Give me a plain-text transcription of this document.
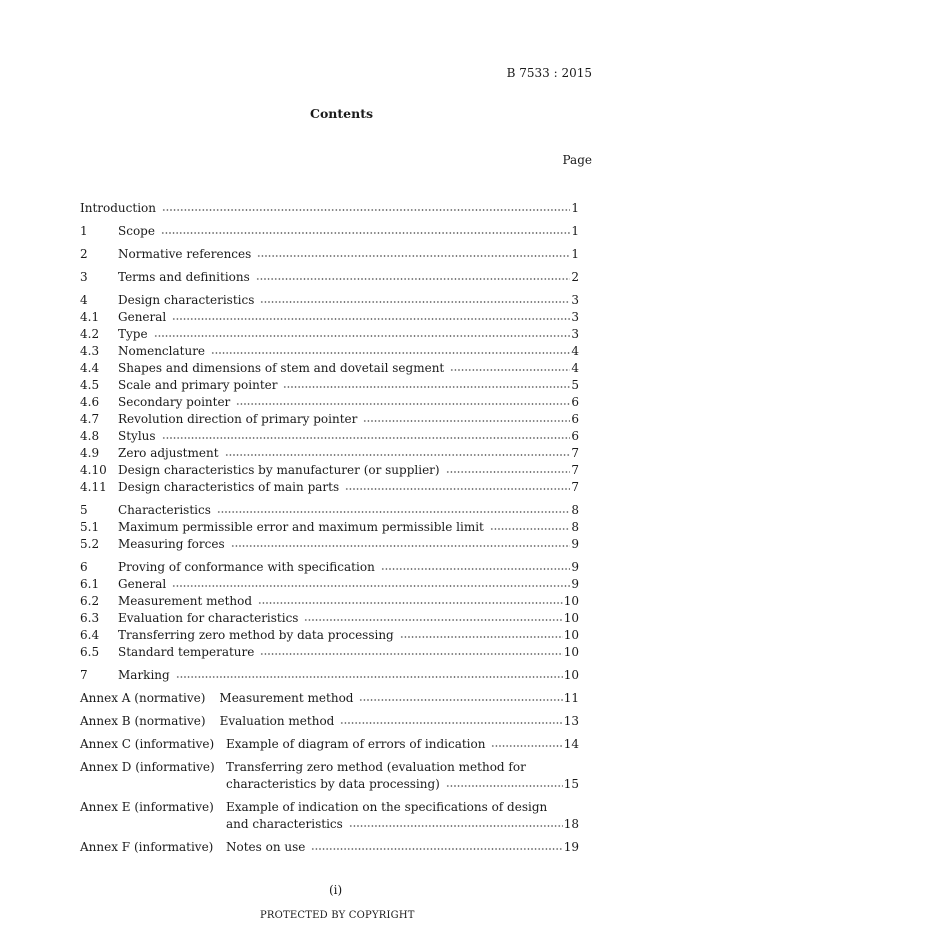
B 7533 : 2015
Contents
Page
Introduction	1
1	Scope	1
2	Normative references	1
3	Terms and definitions	2
4	Design characteristics	3
4.1	General	3
4.2	Type	3
4.3	Nomenclature	4
4.4	Shapes and dimensions of stem and dovetail segment	4
4.5	Scale and primary pointer	5
4.6	Secondary pointer	6
4.7	Revolution direction of primary pointer	6
4.8	Stylus	6
4.9	Zero adjustment	7
4.10 Design characteristics by manufacturer (or supplier)	7
4.11 Design characteristics of main parts	7
5	Characteristics	8
5.1	Maximum permissible error and maximum permissible limit	8
5.2	Measuring forces	9
6	Proving of conformance with specification	9
6.1	General	9
6.2	Measurement method	10
6.3	Evaluation for characteristics	10
6.4	Transferring zero method by data processing	10
6.5	Standard temperature	10
7	Marking	10
Annex A (normative) Measurement method	11
Annex B (normative) Evaluation method	13
Annex C (informative) Example of diagram of errors of indication	14
Annex D (informative) Transferring zero method (evaluation method for
characteristics by data processing)	15
Annex E (informative)	Example of indication on the specifications of design
and characteristics	18
Annex F (informative)	Notes on use	19
(i)
PROTECTED BY COPYRIGHT
